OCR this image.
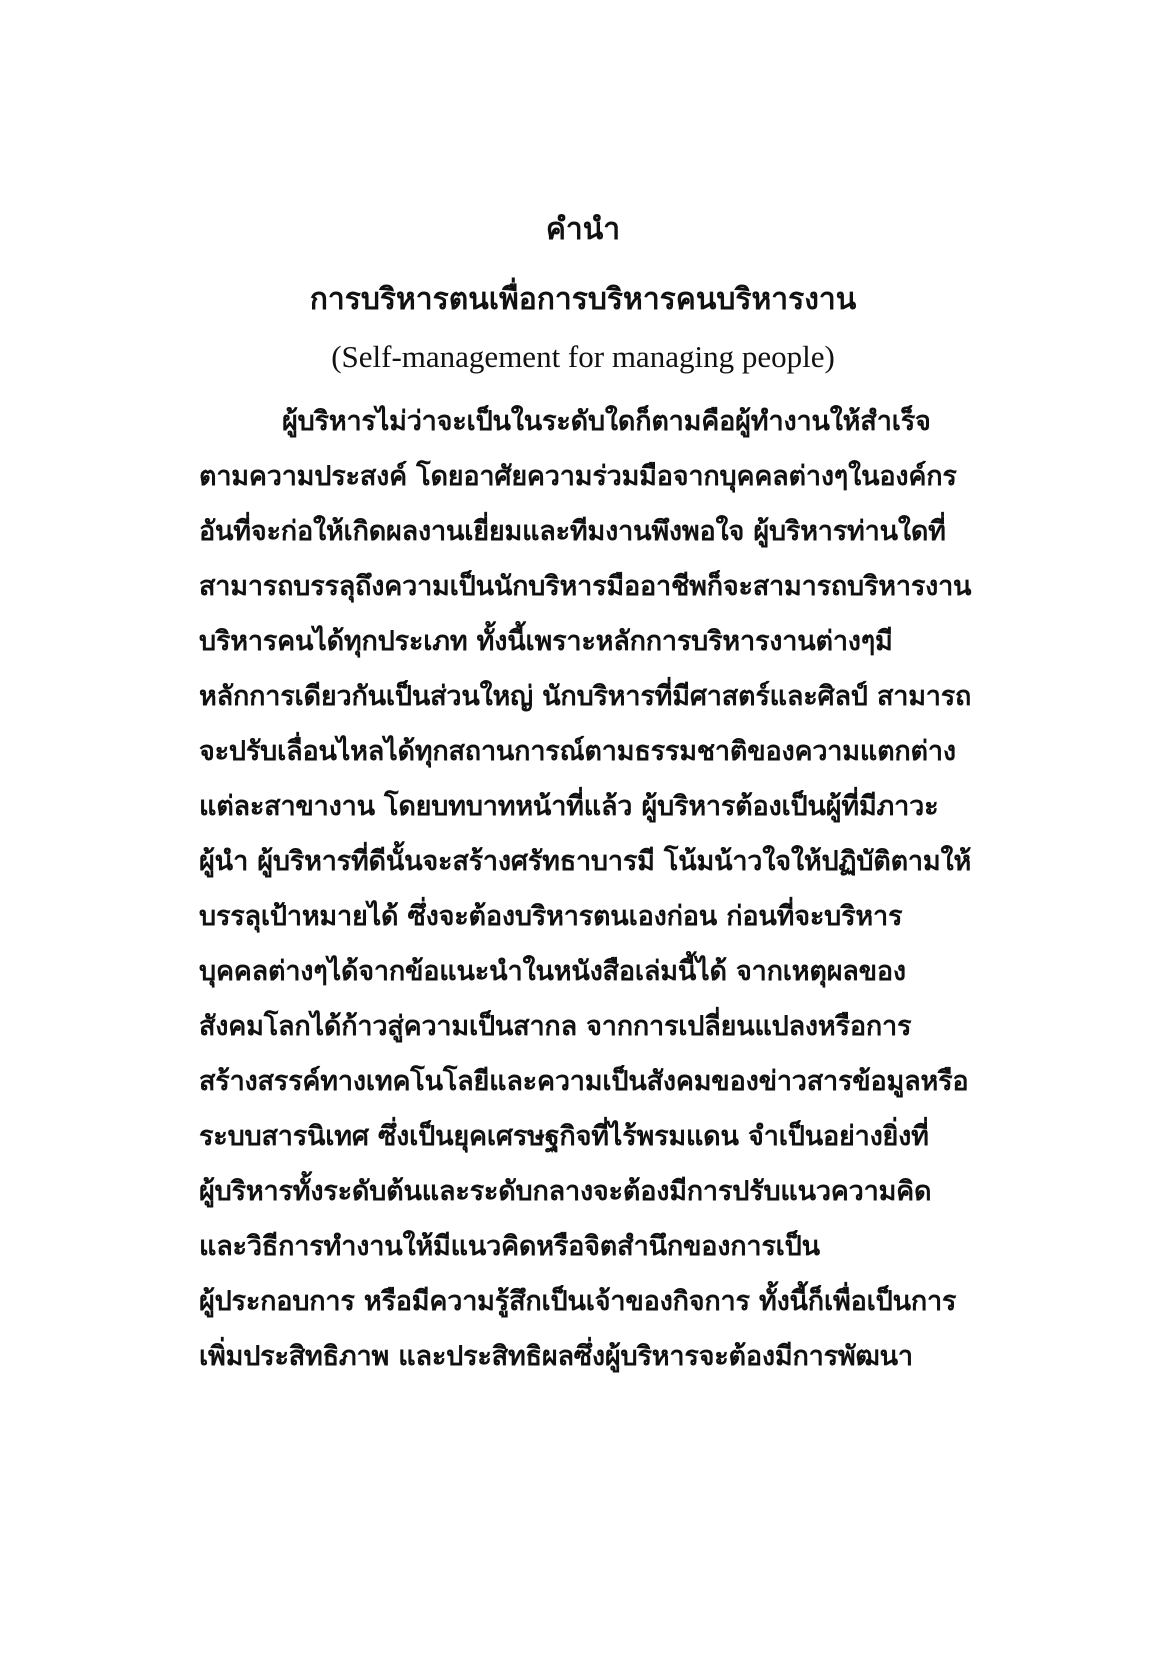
คำนำ
การบริหารตนเพื่อการบริหารคนบริหารงาน
(Self-management for managing people)
ผู้บริหารไม่ว่าจะเป็นในระดับใดก็ตามคือผู้ทำงานให้สำเร็จ
ตามความประสงค์ โดยอาศัยความร่วมมือจากบุคคลต่างๆในองค์กร
อันที่จะก่อให้เกิดผลงานเยี่ยมและทีมงานพึงพอใจ ผู้บริหารท่านใดที่
สามารถบรรลุถึงความเป็นนักบริหารมืออาชีพก็จะสามารถบริหารงาน
บริหารคนได้ทุกประเภท ทั้งนี้เพราะหลักการบริหารงานต่างๆมี
หลักการเดียวกันเป็นส่วนใหญ่ นักบริหารที่มีศาสตร์และศิลป์ สามารถ
จะปรับเลื่อนไหลได้ทุกสถานการณ์ตามธรรมชาติของความแตกต่าง
แต่ละสาขางาน โดยบทบาทหน้าที่แล้ว ผู้บริหารต้องเป็นผู้ที่มีภาวะ
ผู้นำ ผู้บริหารที่ดีนั้นจะสร้างศรัทธาบารมี โน้มน้าวใจให้ปฏิบัติตามให้
บรรลุเป้าหมายได้ ซึ่งจะต้องบริหารตนเองก่อน ก่อนที่จะบริหาร
บุคคลต่างๆได้จากข้อแนะนำในหนังสือเล่มนี้ได้ จากเหตุผลของ
สังคมโลกได้ก้าวสู่ความเป็นสากล จากการเปลี่ยนแปลงหรือการ
สร้างสรรค์ทางเทคโนโลยีและความเป็นสังคมของข่าวสารข้อมูลหรือ
ระบบสารนิเทศ ซึ่งเป็นยุคเศรษฐกิจที่ไร้พรมแดน จำเป็นอย่างยิ่งที่
ผู้บริหารทั้งระดับต้นและระดับกลางจะต้องมีการปรับแนวความคิด
และวิธีการทำงานให้มีแนวคิดหรือจิตสำนึกของการเป็น
ผู้ประกอบการ หรือมีความรู้สึกเป็นเจ้าของกิจการ ทั้งนี้ก็เพื่อเป็นการ
เพิ่มประสิทธิภาพ และประสิทธิผลซึ่งผู้บริหารจะต้องมีการพัฒนา
